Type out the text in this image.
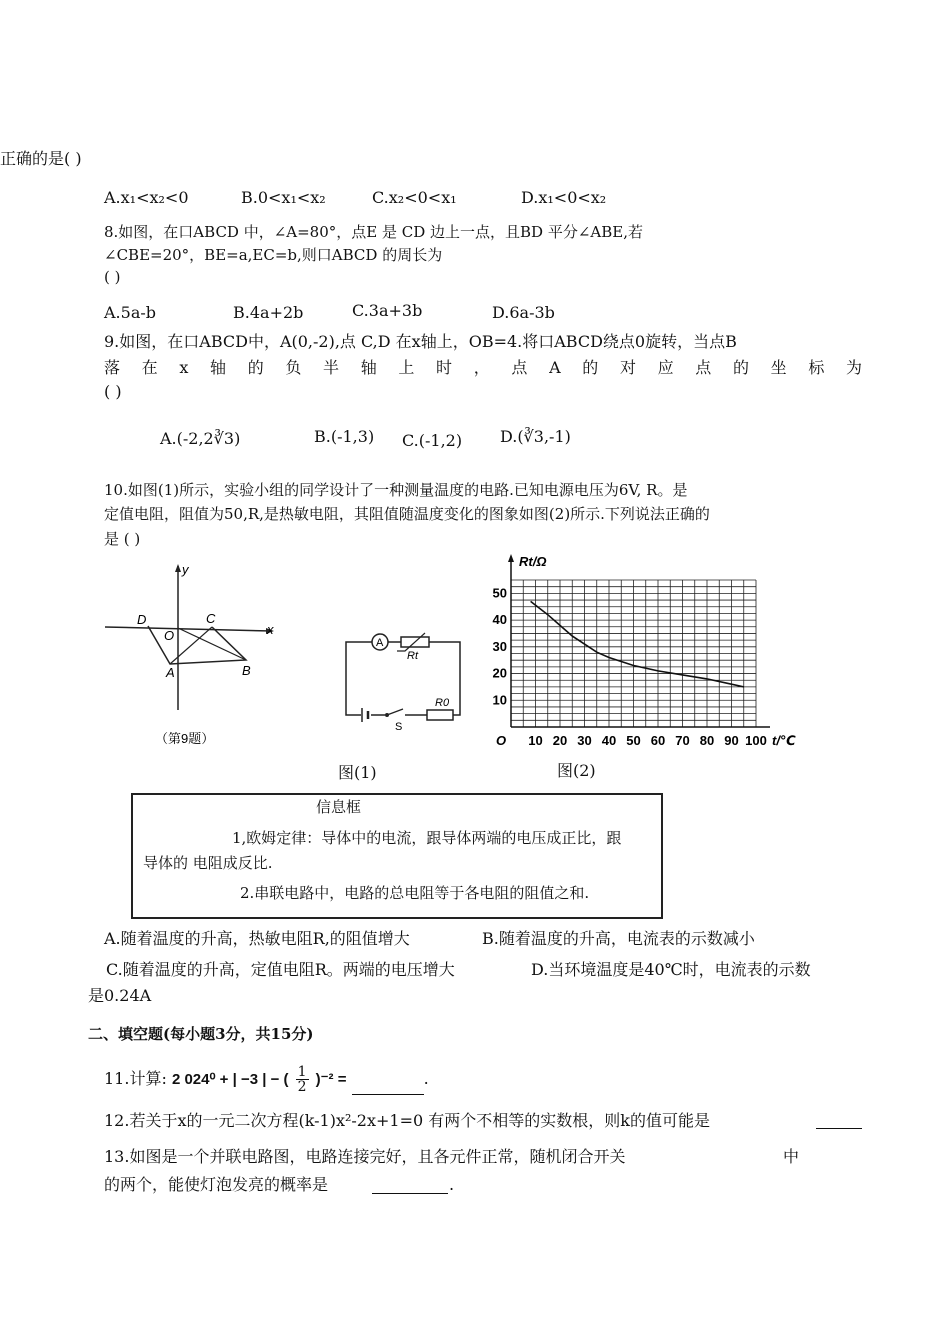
正确的是( )
A.x₁<x₂<0	B.0<x₁<x₂	C.x₂<0<x₁	D.x₁<0<x₂
8.如图，在口ABCD 中，∠A=80°，点E 是 CD 边上一点，且BD 平分∠ABE,若
∠CBE=20°，BE=a,EC=b,则口ABCD 的周长为
( )
A.5a-b	B.4a+2b	C.3a+3b	D.6a-3b
9.如图，在口ABCD中，A(0,-2),点 C,D 在x轴上，OB=4.将口ABCD绕点0旋转，当点B
落在x轴的负半轴上时，点A的对应点的坐标为
( )
A.(-2,2∛3)	B.(-1,3) C.(-1,2) D.(∛3,-1)
10.如图(1)所示，实验小组的同学设计了一种测量温度的电路.已知电源电压为6V, R。是
定值电阻，阻值为50,R,是热敏电阻，其阻值随温度变化的图象如图(2)所示.下列说法正确的
是 ( )
y
x
D
O
C
A	B
（第9题）
A
Rt
S
R0
图(1)
O 10 20 30 40 50 60 70 80 90 100
10
20
30
40
50
t/℃
Rt/Ω
图(2)
信息框
1,欧姆定律：导体中的电流，跟导体两端的电压成正比，跟
导体的 电阻成反比.
2.串联电路中，电路的总电阻等于各电阻的阻值之和.
A.随着温度的升高，热敏电阻R,的阻值增大	B.随着温度的升高，电流表的示数减小
C.随着温度的升高，定值电阻R。两端的电压增大	D.当环境温度是40℃时，电流表的示数
是0.24A
二、填空题(每小题3分，共15分)
11.计算: 2 024⁰ + | −3 | − ( $\frac{1}{2} )^{-2}$ =	.
12.若关于x的一元二次方程(k-1)x²-2x+1=0 有两个不相等的实数根，则k的值可能是
13.如图是一个并联电路图，电路连接完好，且各元件正常，随机闭合开关	中
的两个，能使灯泡发亮的概率是	.
